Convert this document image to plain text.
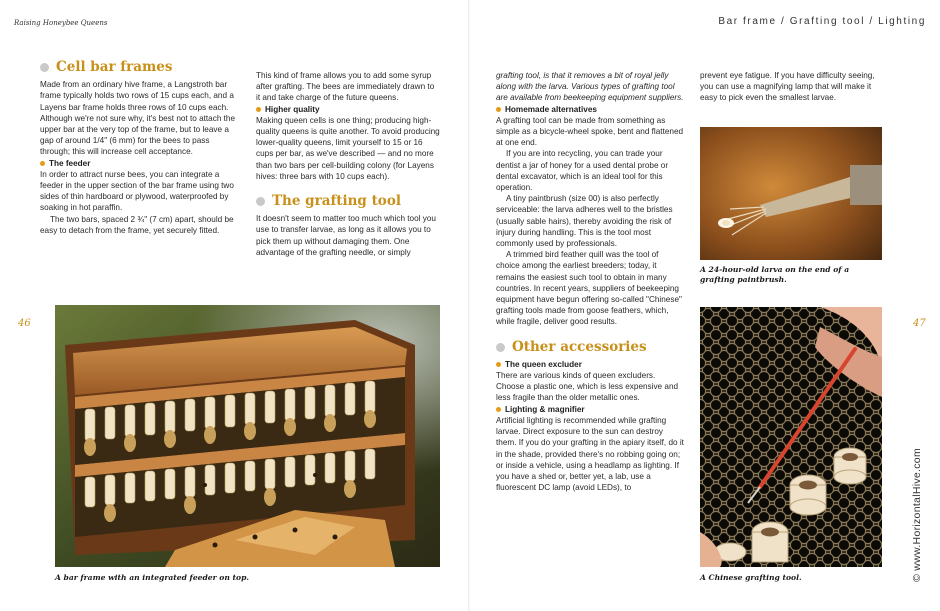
Raising Honeybee Queens
46
Cell bar frames

Made from an ordinary hive frame, a Langstroth bar frame typically holds two rows of 15 cups each, and a Layens bar frame holds three rows of 10 cups each. Although we're not sure why, it's best not to attach the upper bar at the very top of the frame, but to leave a gap of around 1/4" (6 mm) for the bees to pass through; this will increase cell acceptance.

The feeder

In order to attract nurse bees, you can integrate a feeder in the upper section of the bar frame using two sides of thin hardboard or plywood, waterproofed by soaking in hot paraffin.

The two bars, spaced 2 ¾" (7 cm) apart, should be easy to detach from the frame, yet securely fitted.

This kind of frame allows you to add some syrup after grafting. The bees are immediately drawn to it and take charge of the future queens.

Higher quality

Making queen cells is one thing; producing high-quality queens is quite another. To avoid producing lower-quality queens, limit yourself to 15 or 16 cups per bar, as we've described — and no more than two bars per cell-building colony (for Layens hives: three bars with 10 cups each).

The grafting tool

It doesn't seem to matter too much which tool you use to transfer larvae, as long as it allows you to pick them up without damaging them. One advantage of the grafting needle, or simply

A bar frame with an integrated feeder on top.
Bar frame / Grafting tool / Lighting
47

grafting tool, is that it removes a bit of royal jelly along with the larva. Various types of grafting tool are available from beekeeping equipment suppliers.

Homemade alternatives

A grafting tool can be made from something as simple as a bicycle-wheel spoke, bent and flattened at one end.

If you are into recycling, you can trade your dentist a jar of honey for a used dental probe or dental excavator, which is an ideal tool for this operation.

A tiny paintbrush (size 00) is also perfectly serviceable: the larva adheres well to the bristles (usually sable hairs), thereby avoiding the risk of injury during handling. This is the tool most commonly used by professionals.

A trimmed bird feather quill was the tool of choice among the earliest breeders; today, it remains the easiest such tool to obtain in many countries. In recent years, suppliers of beekeeping equipment have begun offering so-called "Chinese" grafting tools made from goose feathers, which, while fragile, deliver good results.

Other accessories
The queen excluder

There are various kinds of queen excluders. Choose a plastic one, which is less expensive and less fragile than the older metallic ones.

Lighting & magnifier

Artificial lighting is recommended while grafting larvae. Direct exposure to the sun can destroy them. If you do your grafting in the apiary itself, do it in the shade, provided there's no robbing going on; or inside a vehicle, using a headlamp as lighting. If you have a shed or, better yet, a lab, use a fluorescent DC lamp (avoid LEDs), to

prevent eye fatigue. If you have difficulty seeing, you can use a magnifying lamp that will make it easy to pick even the smallest larvae.

A 24-hour-old larva on the end of a grafting paintbrush.
A Chinese grafting tool.	© www.HorizontalHive.com
